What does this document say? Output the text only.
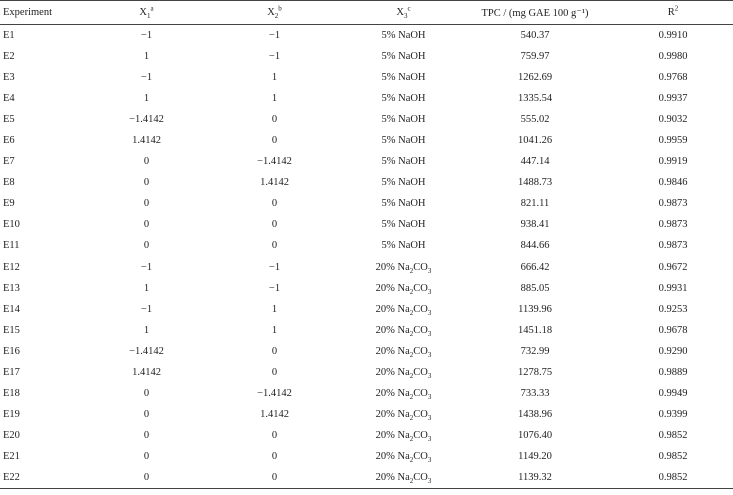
Experiment	$X_1^a$	$X_2^b$	$X_3^c$	TPC / (mg GAE 100 g⁻¹)	$R^2$
E1	−1	−1	5% NaOH	540.37	0.9910
E2	1	−1	5% NaOH	759.97	0.9980
E3	−1	1	5% NaOH	1262.69	0.9768
E4	1	1	5% NaOH	1335.54	0.9937
E5	−1.4142	0	5% NaOH	555.02	0.9032
E6	1.4142	0	5% NaOH	1041.26	0.9959
E7	0	−1.4142	5% NaOH	447.14	0.9919
E8	0	1.4142	5% NaOH	1488.73	0.9846
E9	0	0	5% NaOH	821.11	0.9873
E10	0	0	5% NaOH	938.41	0.9873
E11	0	0	5% NaOH	844.66	0.9873
E12	−1	−1	20% $Na_2CO_3$	666.42	0.9672
E13	1	−1	20% $Na_2CO_3$	885.05	0.9931
E14	−1	1	20% $Na_2CO_3$	1139.96	0.9253
E15	1	1	20% $Na_2CO_3$	1451.18	0.9678
E16	−1.4142	0	20% $Na_2CO_3$	732.99	0.9290
E17	1.4142	0	20% $Na_2CO_3$	1278.75	0.9889
E18	0	−1.4142	20% $Na_2CO_3$	733.33	0.9949
E19	0	1.4142	20% $Na_2CO_3$	1438.96	0.9399
E20	0	0	20% $Na_2CO_3$	1076.40	0.9852
E21	0	0	20% $Na_2CO_3$	1149.20	0.9852
E22	0	0	20% $Na_2CO_3$	1139.32	0.9852
